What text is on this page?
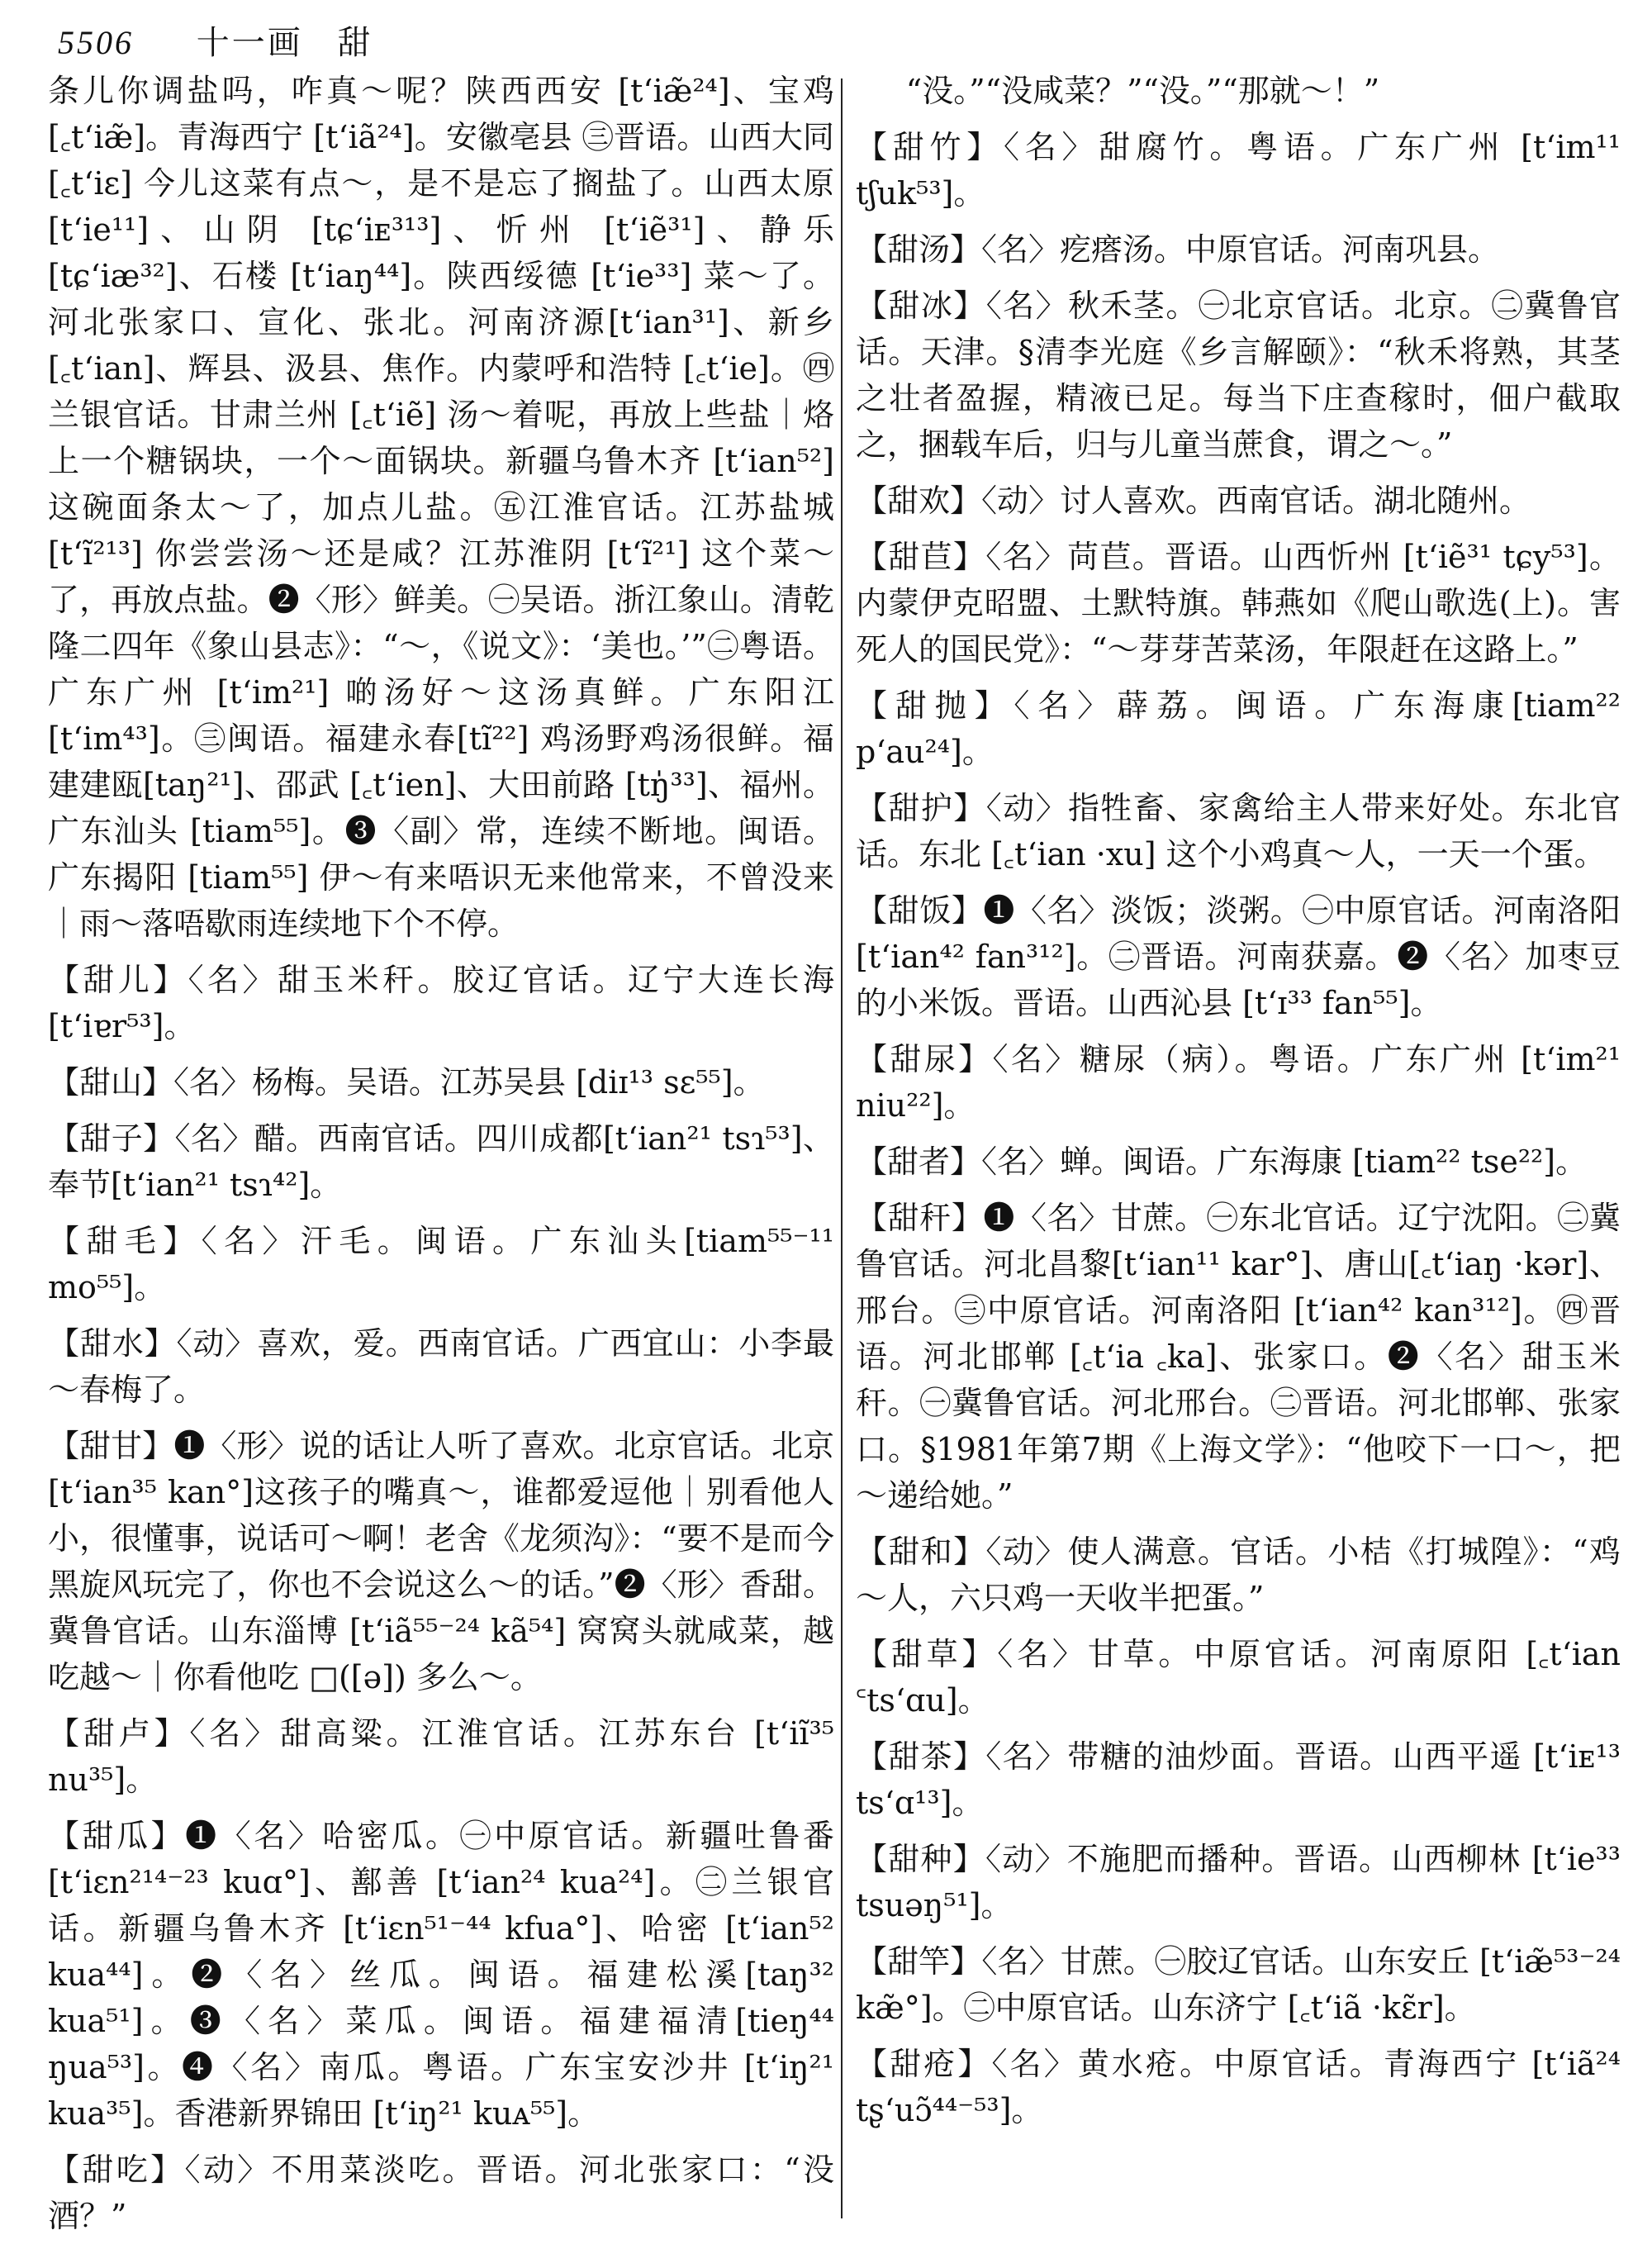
5506 十一画 甜

条儿你调盐吗，咋真～呢？陕西西安 [tʻiæ̃²⁴]、宝鸡 [꜀tʻiæ̃]。青海西宁 [tʻiã²⁴]。安徽亳县 ㊂晋语。山西大同 [꜀tʻiɛ] 今儿这菜有点～，是不是忘了搁盐了。山西太原 [tʻie¹¹]、山阴 [tɕʻiᴇ³¹³]、忻州 [tʻiẽ³¹]、静乐 [tɕʻiæ³²]、石楼 [tʻiaŋ⁴⁴]。陕西绥德 [tʻie³³] 菜～了。河北张家口、宣化、张北。河南济源[tʻian³¹]、新乡 [꜀tʻian]、辉县、汲县、焦作。内蒙呼和浩特 [꜀tʻie]。㊃兰银官话。甘肃兰州 [꜀tʻiẽ] 汤～着呢，再放上些盐｜烙上一个糖锅块，一个～面锅块。新疆乌鲁木齐 [tʻian⁵²] 这碗面条太～了，加点儿盐。㊄江淮官话。江苏盐城 [tʻĩ²¹³] 你尝尝汤～还是咸？江苏淮阴 [tʻĩ²¹] 这个菜～了，再放点盐。❷〈形〉鲜美。㊀吴语。浙江象山。清乾隆二四年《象山县志》：“～，《说文》：‘美也。’”㊁粤语。广东广州 [tʻim²¹] 啲汤好～这汤真鲜。广东阳江 [tʻim⁴³]。㊂闽语。福建永春[tĩ²²] 鸡汤野鸡汤很鲜。福建建瓯[taŋ²¹]、邵武 [꜀tʻien]、大田前路 [tŋ̍³³]、福州。广东汕头 [tiam⁵⁵]。❸〈副〉常，连续不断地。闽语。广东揭阳 [tiam⁵⁵] 伊～有来唔识无来他常来，不曾没来｜雨～落唔歇雨连续地下个不停。

【甜儿】〈名〉甜玉米秆。胶辽官话。辽宁大连长海 [tʻiɐr⁵³]。

【甜山】〈名〉杨梅。吴语。江苏吴县 [diɪ¹³ sɛ⁵⁵]。

【甜子】〈名〉醋。西南官话。四川成都[tʻian²¹ tsɿ⁵³]、奉节[tʻian²¹ tsɿ⁴²]。

【甜毛】〈名〉汗毛。闽语。广东汕头[tiam⁵⁵⁻¹¹ mo⁵⁵]。

【甜水】〈动〉喜欢，爱。西南官话。广西宜山：小李最～春梅了。

【甜甘】❶〈形〉说的话让人听了喜欢。北京官话。北京 [tʻian³⁵ kan°]这孩子的嘴真～，谁都爱逗他｜别看他人小，很懂事，说话可～啊！老舍《龙须沟》：“要不是而今黑旋风玩完了，你也不会说这么～的话。”❷〈形〉香甜。冀鲁官话。山东淄博 [tʻiã⁵⁵⁻²⁴ kã⁵⁴] 窝窝头就咸菜，越吃越～｜你看他吃 □([ə]) 多么～。

【甜卢】〈名〉甜高粱。江淮官话。江苏东台 [tʻiĩ³⁵ nu³⁵]。

【甜瓜】❶〈名〉哈密瓜。㊀中原官话。新疆吐鲁番 [tʻiɛn²¹⁴⁻²³ kuɑ°]、鄯善 [tʻian²⁴ kua²⁴]。㊁兰银官话。新疆乌鲁木齐 [tʻiɛn⁵¹⁻⁴⁴ kfua°]、哈密 [tʻian⁵² kua⁴⁴]。❷〈名〉丝瓜。闽语。福建松溪[taŋ³² kua⁵¹]。❸〈名〉菜瓜。闽语。福建福清[tieŋ⁴⁴ ŋua⁵³]。❹〈名〉南瓜。粤语。广东宝安沙井 [tʻiŋ²¹ kua³⁵]。香港新界锦田 [tʻiŋ²¹ kuᴀ⁵⁵]。

【甜吃】〈动〉不用菜淡吃。晋语。河北张家口：“没酒？”

“没。”“没咸菜？”“没。”“那就～！”

【甜竹】〈名〉甜腐竹。粤语。广东广州 [tʻim¹¹ tʃuk⁵³]。

【甜汤】〈名〉疙瘩汤。中原官话。河南巩县。

【甜冰】〈名〉秋禾茎。㊀北京官话。北京。㊁冀鲁官话。天津。§清李光庭《乡言解颐》：“秋禾将熟，其茎之壮者盈握，精液已足。每当下庄查稼时，佃户截取之，捆载车后，归与儿童当蔗食，谓之～。”

【甜欢】〈动〉讨人喜欢。西南官话。湖北随州。

【甜苣】〈名〉苘苣。晋语。山西忻州 [tʻiẽ³¹ tɕy⁵³]。内蒙伊克昭盟、土默特旗。韩燕如《爬山歌选(上)。害死人的国民党》：“～芽芽苦菜汤，年限赶在这路上。”

【甜抛】〈名〉薜荔。闽语。广东海康[tiam²² pʻau²⁴]。

【甜护】〈动〉指牲畜、家禽给主人带来好处。东北官话。东北 [꜀tʻian ·xu] 这个小鸡真～人，一天一个蛋。

【甜饭】❶〈名〉淡饭；淡粥。㊀中原官话。河南洛阳 [tʻian⁴² fan³¹²]。㊁晋语。河南获嘉。❷〈名〉加枣豆的小米饭。晋语。山西沁县 [tʻɪ³³ fan⁵⁵]。

【甜尿】〈名〉糖尿（病）。粤语。广东广州 [tʻim²¹ niu²²]。

【甜者】〈名〉蝉。闽语。广东海康 [tiam²² tse²²]。

【甜秆】❶〈名〉甘蔗。㊀东北官话。辽宁沈阳。㊁冀鲁官话。河北昌黎[tʻian¹¹ kar°]、唐山[꜀tʻiaŋ ·kər]、邢台。㊂中原官话。河南洛阳 [tʻian⁴² kan³¹²]。㊃晋语。河北邯郸 [꜀tʻia ꜀ka]、张家口。❷〈名〉甜玉米秆。㊀冀鲁官话。河北邢台。㊁晋语。河北邯郸、张家口。§1981年第7期《上海文学》：“他咬下一口～，把～递给她。”

【甜和】〈动〉使人满意。官话。小桔《打城隍》：“鸡～人，六只鸡一天收半把蛋。”

【甜草】〈名〉甘草。中原官话。河南原阳 [꜀tʻian ꜂tsʻɑu]。

【甜茶】〈名〉带糖的油炒面。晋语。山西平遥 [tʻiᴇ¹³ tsʻɑ¹³]。

【甜种】〈动〉不施肥而播种。晋语。山西柳林 [tʻie³³ tsuəŋ⁵¹]。

【甜竿】〈名〉甘蔗。㊀胶辽官话。山东安丘 [tʻiæ̃⁵³⁻²⁴ kæ̃°]。㊁中原官话。山东济宁 [꜀tʻiã ·kɛ̃r]。

【甜疮】〈名〉黄水疮。中原官话。青海西宁 [tʻiã²⁴ tʂʻuɔ̃⁴⁴⁻⁵³]。
